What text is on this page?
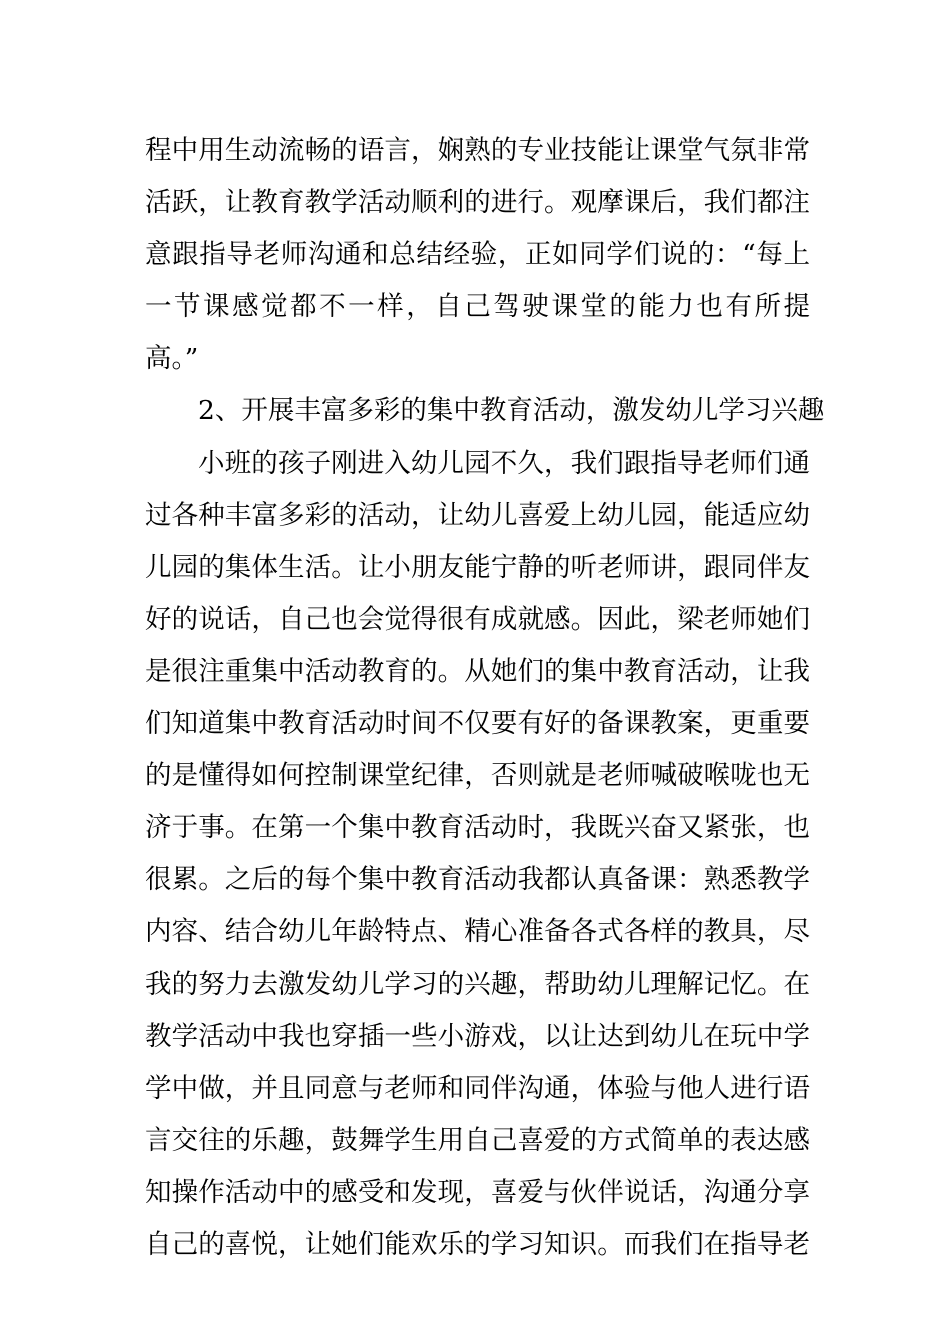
程中用生动流畅的语言，娴熟的专业技能让课堂气氛非常
活跃，让教育教学活动顺利的进行。观摩课后，我们都注
意跟指导老师沟通和总结经验，正如同学们说的：“每上
一节课感觉都不一样，自己驾驶课堂的能力也有所提
高。”
2、开展丰富多彩的集中教育活动，激发幼儿学习兴趣
小班的孩子刚进入幼儿园不久，我们跟指导老师们通
过各种丰富多彩的活动，让幼儿喜爱上幼儿园，能适应幼
儿园的集体生活。让小朋友能宁静的听老师讲，跟同伴友
好的说话，自己也会觉得很有成就感。因此，梁老师她们
是很注重集中活动教育的。从她们的集中教育活动，让我
们知道集中教育活动时间不仅要有好的备课教案，更重要
的是懂得如何控制课堂纪律，否则就是老师喊破喉咙也无
济于事。在第一个集中教育活动时，我既兴奋又紧张，也
很累。之后的每个集中教育活动我都认真备课：熟悉教学
内容、结合幼儿年龄特点、精心准备各式各样的教具，尽
我的努力去激发幼儿学习的兴趣，帮助幼儿理解记忆。在
教学活动中我也穿插一些小游戏，以让达到幼儿在玩中学
学中做，并且同意与老师和同伴沟通，体验与他人进行语
言交往的乐趣，鼓舞学生用自己喜爱的方式简单的表达感
知操作活动中的感受和发现，喜爱与伙伴说话，沟通分享
自己的喜悦，让她们能欢乐的学习知识。而我们在指导老
